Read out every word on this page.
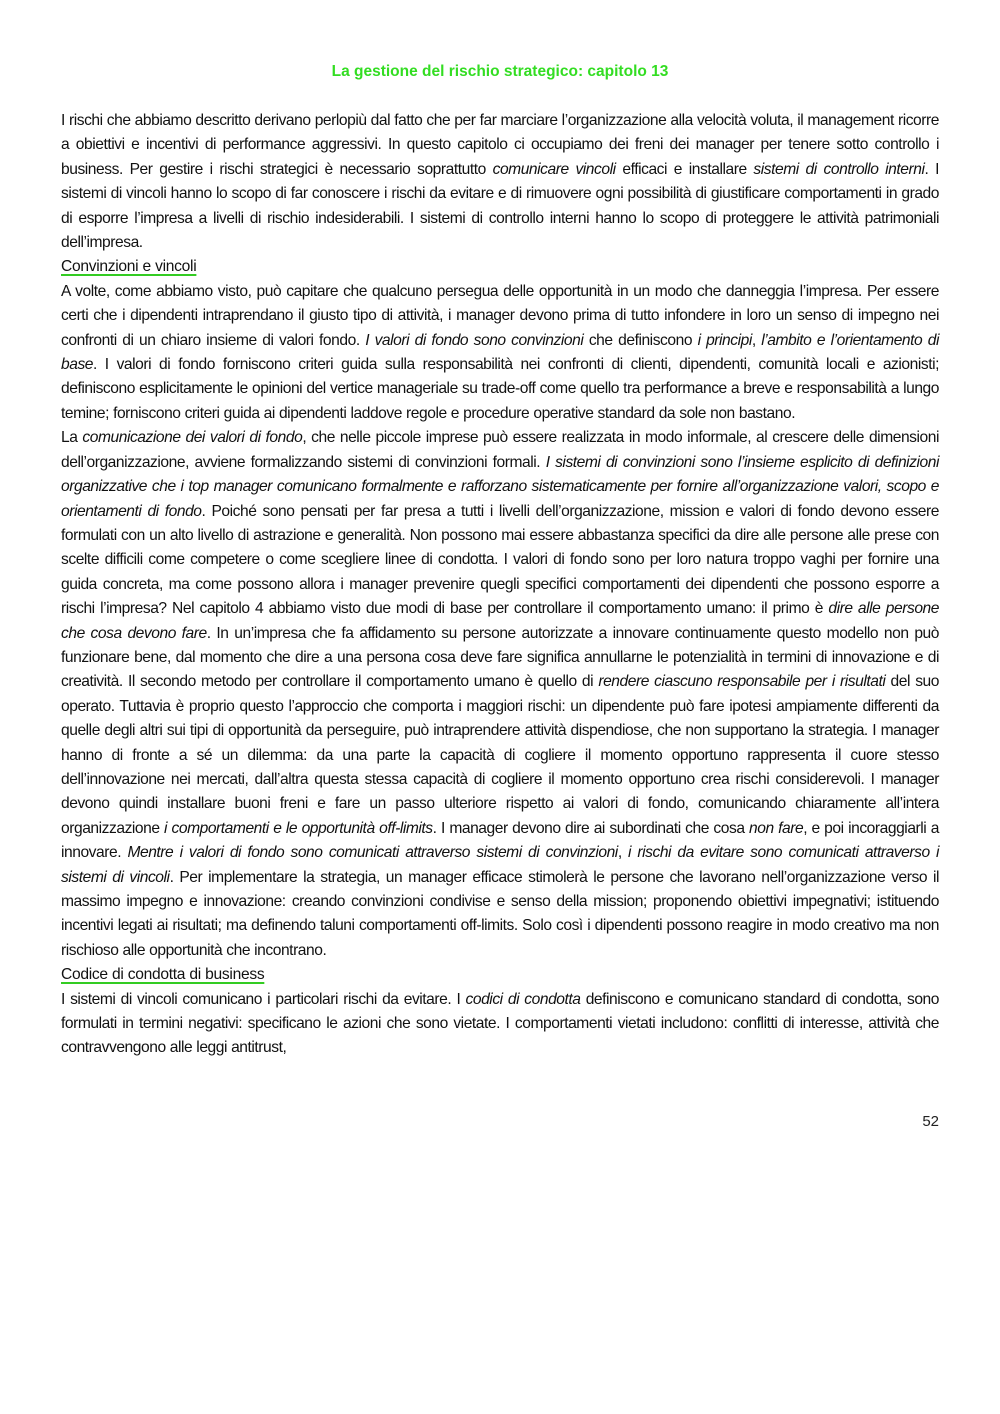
La gestione del rischio strategico: capitolo 13

I rischi che abbiamo descritto derivano perlopiù dal fatto che per far marciare l’organizzazione alla velocità voluta, il management ricorre a obiettivi e incentivi di performance aggressivi. In questo capitolo ci occupiamo dei freni dei manager per tenere sotto controllo i business. Per gestire i rischi strategici è necessario soprattutto comunicare vincoli efficaci e installare sistemi di controllo interni. I sistemi di vincoli hanno lo scopo di far conoscere i rischi da evitare e di rimuovere ogni possibilità di giustificare comportamenti in grado di esporre l’impresa a livelli di rischio indesiderabili. I sistemi di controllo interni hanno lo scopo di proteggere le attività patrimoniali dell’impresa.

Convinzioni e vincoli

A volte, come abbiamo visto, può capitare che qualcuno persegua delle opportunità in un modo che danneggia l’impresa. Per essere certi che i dipendenti intraprendano il giusto tipo di attività, i manager devono prima di tutto infondere in loro un senso di impegno nei confronti di un chiaro insieme di valori fondo. I valori di fondo sono convinzioni che definiscono i principi, l’ambito e l’orientamento di base. I valori di fondo forniscono criteri guida sulla responsabilità nei confronti di clienti, dipendenti, comunità locali e azionisti; definiscono esplicitamente le opinioni del vertice manageriale su trade-off come quello tra performance a breve e responsabilità a lungo temine; forniscono criteri guida ai dipendenti laddove regole e procedure operative standard da sole non bastano.

La comunicazione dei valori di fondo, che nelle piccole imprese può essere realizzata in modo informale, al crescere delle dimensioni dell’organizzazione, avviene formalizzando sistemi di convinzioni formali. I sistemi di convinzioni sono l’insieme esplicito di definizioni organizzative che i top manager comunicano formalmente e rafforzano sistematicamente per fornire all’organizzazione valori, scopo e orientamenti di fondo. Poiché sono pensati per far presa a tutti i livelli dell’organizzazione, mission e valori di fondo devono essere formulati con un alto livello di astrazione e generalità. Non possono mai essere abbastanza specifici da dire alle persone alle prese con scelte difficili come competere o come scegliere linee di condotta. I valori di fondo sono per loro natura troppo vaghi per fornire una guida concreta, ma come possono allora i manager prevenire quegli specifici comportamenti dei dipendenti che possono esporre a rischi l’impresa? Nel capitolo 4 abbiamo visto due modi di base per controllare il comportamento umano: il primo è dire alle persone che cosa devono fare. In un’impresa che fa affidamento su persone autorizzate a innovare continuamente questo modello non può funzionare bene, dal momento che dire a una persona cosa deve fare significa annullarne le potenzialità in termini di innovazione e di creatività. Il secondo metodo per controllare il comportamento umano è quello di rendere ciascuno responsabile per i risultati del suo operato. Tuttavia è proprio questo l’approccio che comporta i maggiori rischi: un dipendente può fare ipotesi ampiamente differenti da quelle degli altri sui tipi di opportunità da perseguire, può intraprendere attività dispendiose, che non supportano la strategia. I manager hanno di fronte a sé un dilemma: da una parte la capacità di cogliere il momento opportuno rappresenta il cuore stesso dell’innovazione nei mercati, dall’altra questa stessa capacità di cogliere il momento opportuno crea rischi considerevoli. I manager devono quindi installare buoni freni e fare un passo ulteriore rispetto ai valori di fondo, comunicando chiaramente all’intera organizzazione i comportamenti e le opportunità off-limits. I manager devono dire ai subordinati che cosa non fare, e poi incoraggiarli a innovare. Mentre i valori di fondo sono comunicati attraverso sistemi di convinzioni, i rischi da evitare sono comunicati attraverso i sistemi di vincoli. Per implementare la strategia, un manager efficace stimolerà le persone che lavorano nell’organizzazione verso il massimo impegno e innovazione: creando convinzioni condivise e senso della mission; proponendo obiettivi impegnativi; istituendo incentivi legati ai risultati; ma definendo taluni comportamenti off-limits. Solo così i dipendenti possono reagire in modo creativo ma non rischioso alle opportunità che incontrano.

Codice di condotta di business

I sistemi di vincoli comunicano i particolari rischi da evitare. I codici di condotta definiscono e comunicano standard di condotta, sono formulati in termini negativi: specificano le azioni che sono vietate. I comportamenti vietati includono: conflitti di interesse, attività che contravvengono alle leggi antitrust,

52
